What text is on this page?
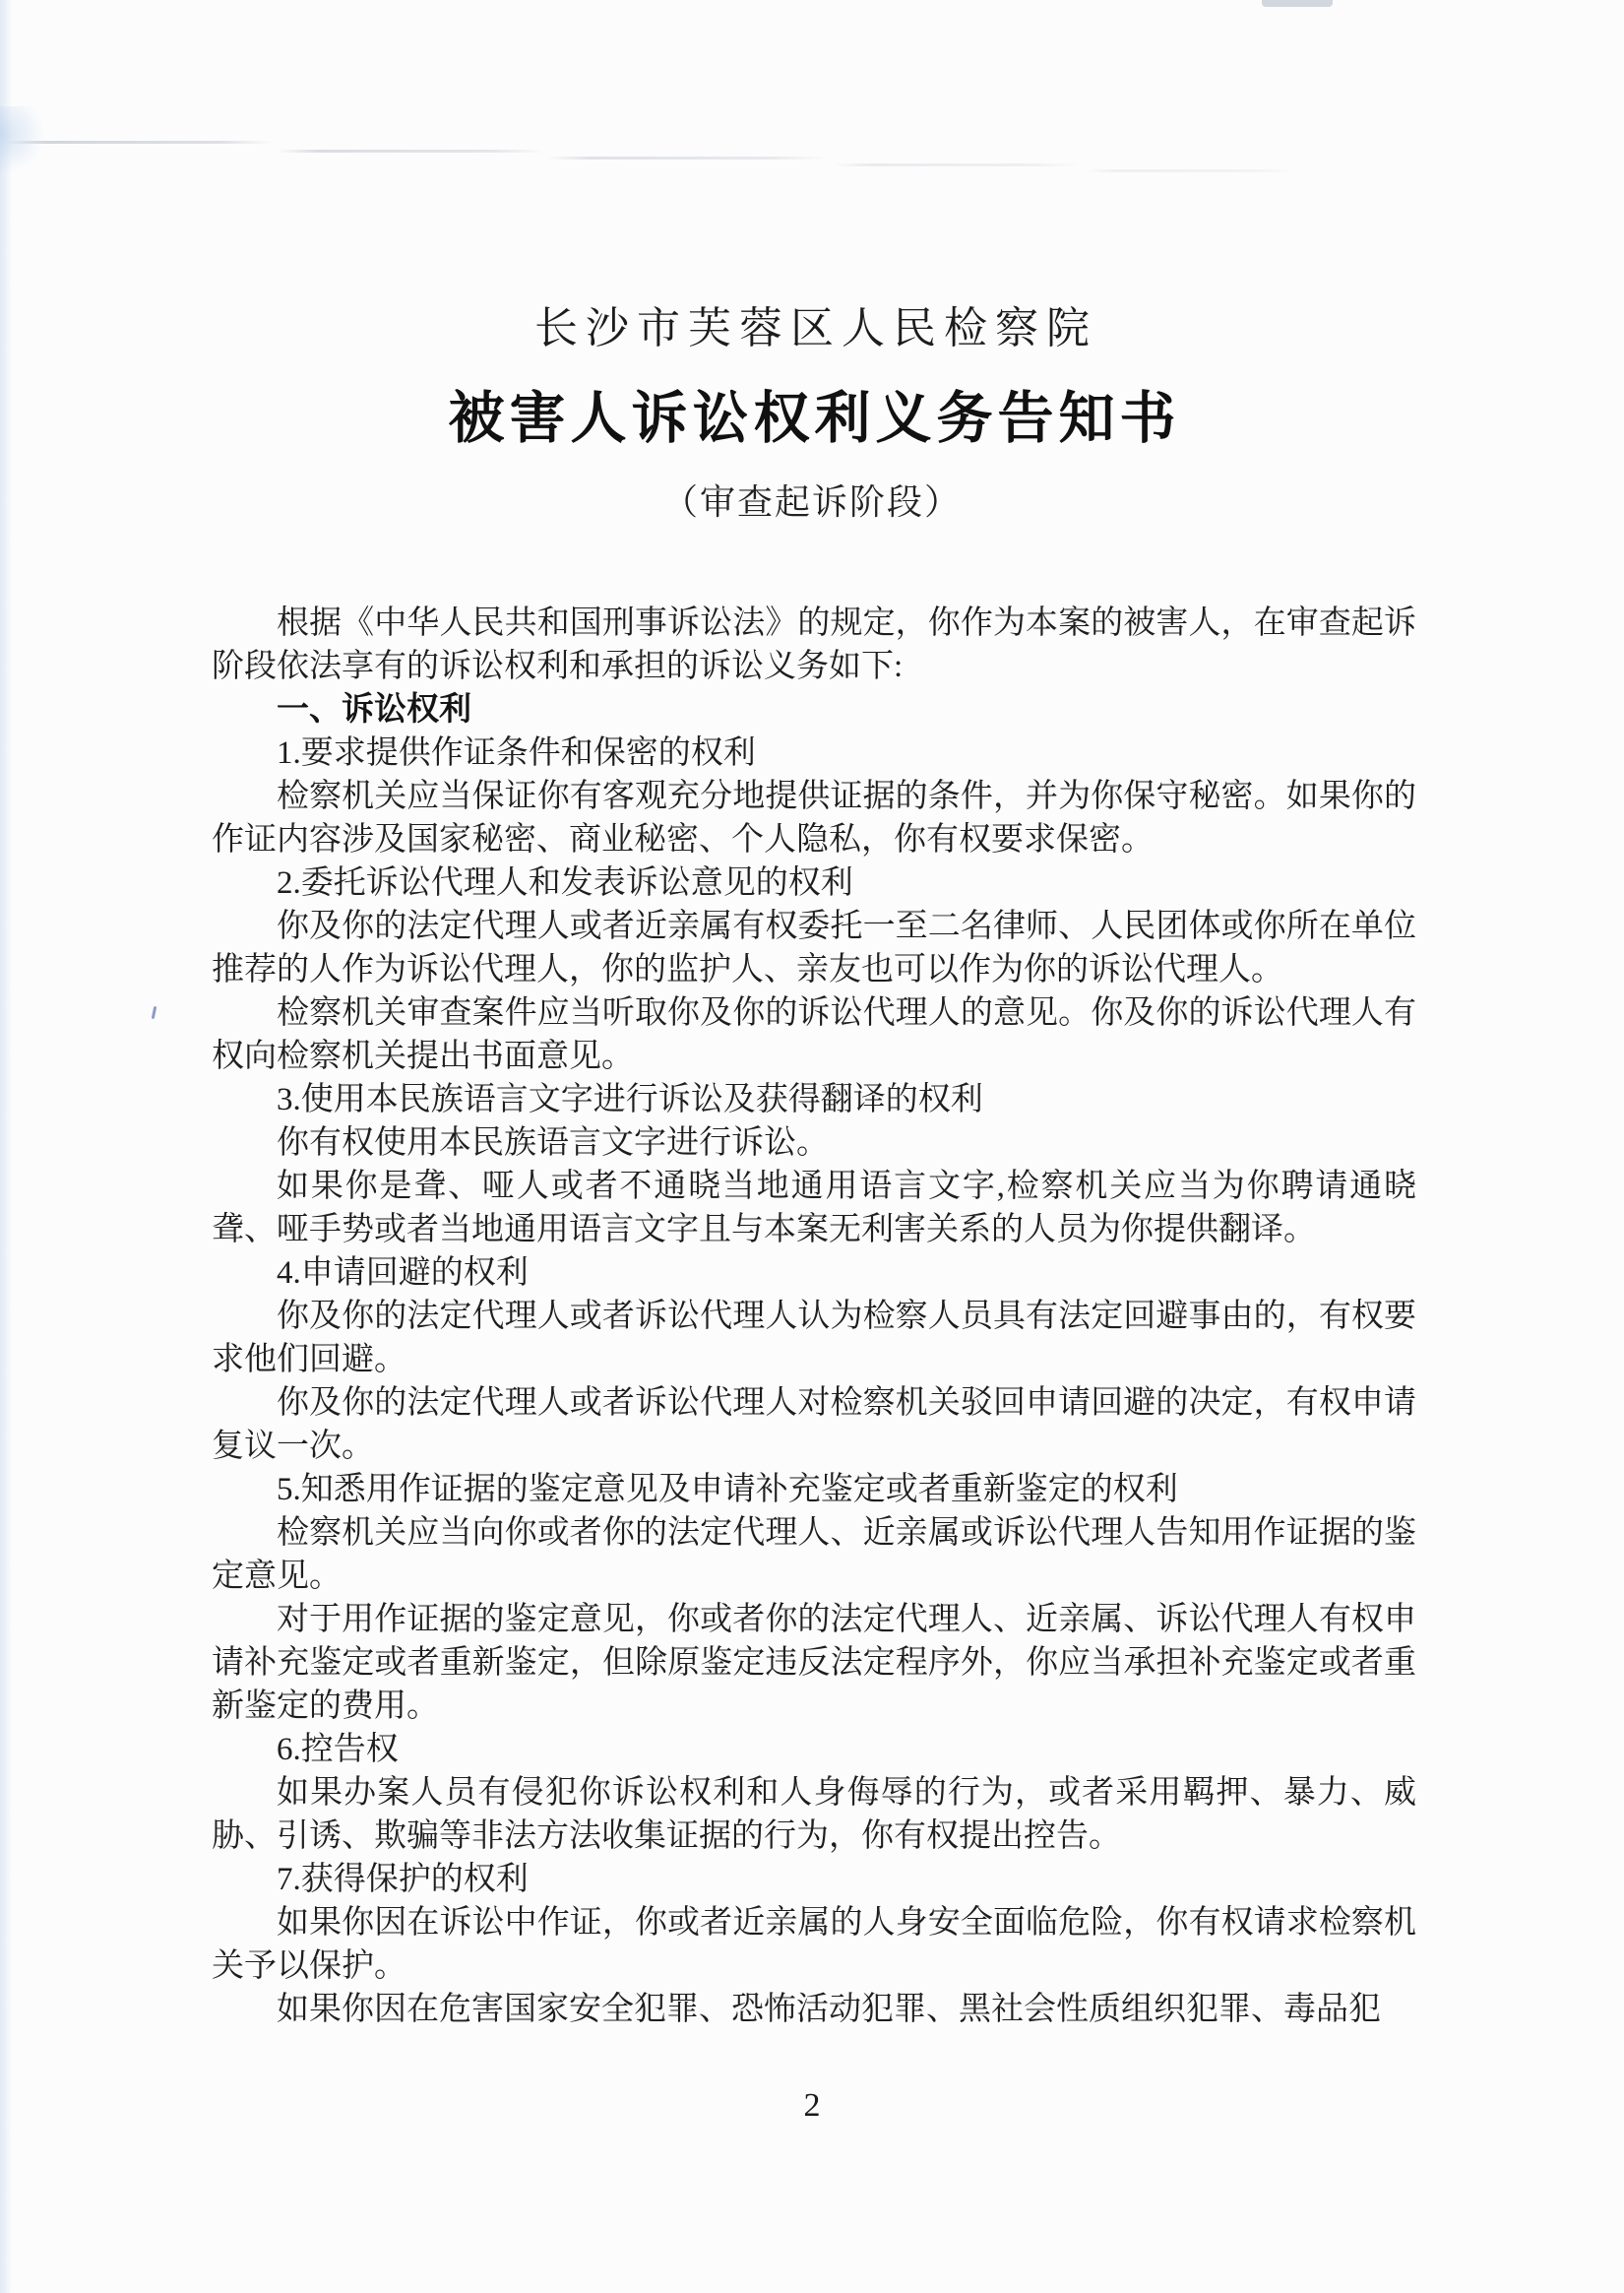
长沙市芙蓉区人民检察院
被害人诉讼权利义务告知书
（审查起诉阶段）

根据《中华人民共和国刑事诉讼法》的规定，你作为本案的被害人，在审查起诉阶段依法享有的诉讼权利和承担的诉讼义务如下:

一、诉讼权利

1.要求提供作证条件和保密的权利

检察机关应当保证你有客观充分地提供证据的条件，并为你保守秘密。如果你的作证内容涉及国家秘密、商业秘密、个人隐私，你有权要求保密。

2.委托诉讼代理人和发表诉讼意见的权利

你及你的法定代理人或者近亲属有权委托一至二名律师、人民团体或你所在单位推荐的人作为诉讼代理人，你的监护人、亲友也可以作为你的诉讼代理人。

检察机关审查案件应当听取你及你的诉讼代理人的意见。你及你的诉讼代理人有权向检察机关提出书面意见。

3.使用本民族语言文字进行诉讼及获得翻译的权利

你有权使用本民族语言文字进行诉讼。

如果你是聋、哑人或者不通晓当地通用语言文字,检察机关应当为你聘请通晓聋、哑手势或者当地通用语言文字且与本案无利害关系的人员为你提供翻译。

4.申请回避的权利

你及你的法定代理人或者诉讼代理人认为检察人员具有法定回避事由的，有权要求他们回避。

你及你的法定代理人或者诉讼代理人对检察机关驳回申请回避的决定，有权申请复议一次。

5.知悉用作证据的鉴定意见及申请补充鉴定或者重新鉴定的权利

检察机关应当向你或者你的法定代理人、近亲属或诉讼代理人告知用作证据的鉴定意见。

对于用作证据的鉴定意见，你或者你的法定代理人、近亲属、诉讼代理人有权申请补充鉴定或者重新鉴定，但除原鉴定违反法定程序外，你应当承担补充鉴定或者重新鉴定的费用。

6.控告权

如果办案人员有侵犯你诉讼权利和人身侮辱的行为，或者采用羁押、暴力、威胁、引诱、欺骗等非法方法收集证据的行为，你有权提出控告。

7.获得保护的权利

如果你因在诉讼中作证，你或者近亲属的人身安全面临危险，你有权请求检察机关予以保护。

如果你因在危害国家安全犯罪、恐怖活动犯罪、黑社会性质组织犯罪、毒品犯

2
